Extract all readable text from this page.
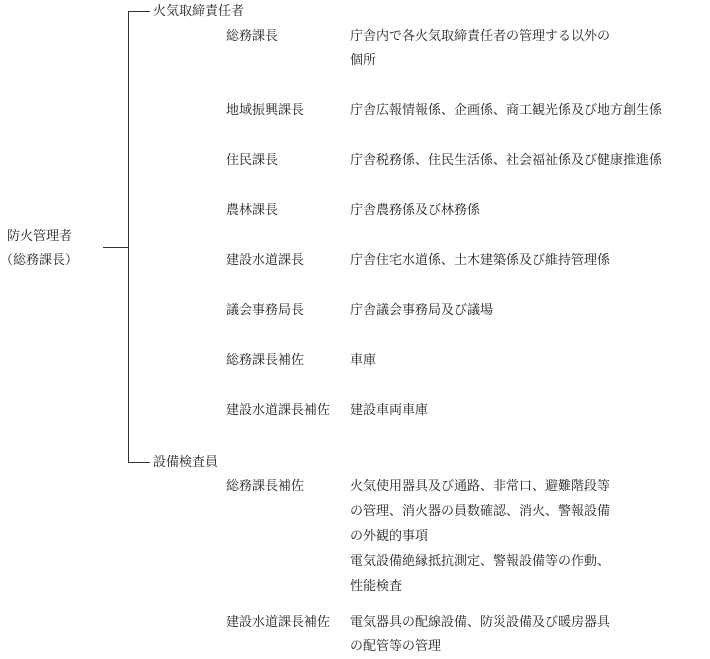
防火管理者
（総務課長）
火気取締責任者
総務課長	庁舎内で各火気取締責任者の管理する以外の
個所
地域振興課長	庁舎広報情報係、企画係、商工観光係及び地方創生係
住民課長	庁舎税務係、住民生活係、社会福祉係及び健康推進係
農林課長	庁舎農務係及び林務係
建設水道課長	庁舎住宅水道係、土木建築係及び維持管理係
議会事務局長	庁舎議会事務局及び議場
総務課長補佐	車庫
建設水道課長補佐 建設車両車庫
設備検査員
総務課長補佐	火気使用器具及び通路、非常口、避難階段等
の管理、消火器の員数確認、消火、警報設備
の外観的事項
電気設備絶縁抵抗測定、警報設備等の作動、
性能検査
建設水道課長補佐 電気器具の配線設備、防災設備及び暖房器具
の配管等の管理
